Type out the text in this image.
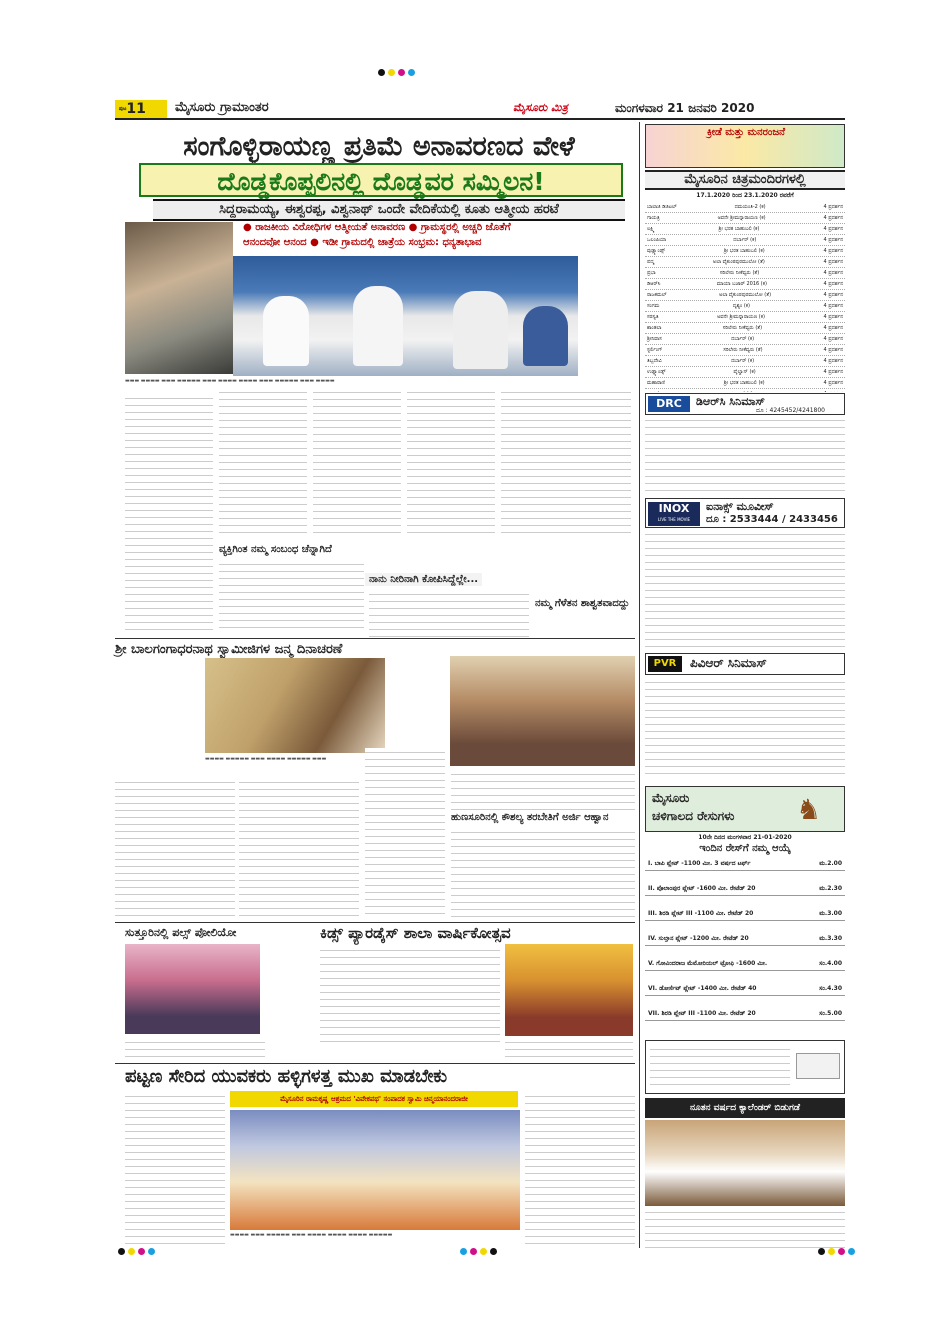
$^{ಪುಟ}$11	ಮೈಸೂರು ಗ್ರಾಮಾಂತರ	ಮೈಸೂರು ಮಿತ್ರ	ಮಂಗಳವಾರ 21 ಜನವರಿ 2020
ಸಂಗೊಳ್ಳಿರಾಯಣ್ಣ ಪ್ರತಿಮೆ ಅನಾವರಣದ ವೇಳೆ
ದೊಡ್ಡಕೊಪ್ಪಲಿನಲ್ಲಿ ದೊಡ್ಡವರ ಸಮ್ಮಿಲನ!
ಸಿದ್ದರಾಮಯ್ಯ, ಈಶ್ವರಪ್ಪ, ವಿಶ್ವನಾಥ್ ಒಂದೇ ವೇದಿಕೆಯಲ್ಲಿ ಕೂತು ಆತ್ಮೀಯ ಹರಟೆ
● ರಾಜಕೀಯ ವಿರೋಧಿಗಳ ಆತ್ಮೀಯತೆ ಅನಾವರಣ ● ಗ್ರಾಮಸ್ಥರಲ್ಲಿ ಅಚ್ಚರಿ ಜೊತೆಗೆ
ಆನಂದವೋ ಆನಂದ ● ಇಡೀ ಗ್ರಾಮದಲ್ಲಿ ಜಾತ್ರೆಯ ಸಂಭ್ರಮ: ಧನ್ಯತಾಭಾವ
▬▬▬ ▬▬▬▬ ▬▬▬ ▬▬▬▬▬ ▬▬▬ ▬▬▬▬ ▬▬▬▬ ▬▬▬ ▬▬▬▬▬ ▬▬▬ ▬▬▬▬
ವ್ಯಕ್ತಿಗಿಂತ ನಮ್ಮ ಸಂಬಂಧ ಚೆನ್ನಾಗಿದೆ
ನಾನು ನೀರಿನಾಗಿ ಕೋಪಿಸಿದ್ದೆಲ್ಲೇ...
ನಮ್ಮ ಗೆಳೆತನ ಶಾಶ್ವತವಾದದ್ದು
ಶ್ರೀ ಬಾಲಗಂಗಾಧರನಾಥ ಸ್ವಾಮೀಜಿಗಳ ಜನ್ಮ ದಿನಾಚರಣೆ
▬▬▬▬ ▬▬▬▬▬ ▬▬▬ ▬▬▬▬ ▬▬▬▬▬ ▬▬▬
ಹುಣಸೂರಿನಲ್ಲಿ ಕೌಶಲ್ಯ ತರಬೇತಿಗೆ ಅರ್ಜಿ ಆಹ್ವಾನ
ಸುತ್ತೂರಿನಲ್ಲಿ ಪಲ್ಸ್ ಪೋಲಿಯೋ	ಕಿಡ್ಸ್ ಪ್ಯಾರಡೈಸ್ ಶಾಲಾ ವಾರ್ಷಿಕೋತ್ಸವ
ಪಟ್ಟಣ ಸೇರಿದ ಯುವಕರು ಹಳ್ಳಿಗಳತ್ತ ಮುಖ ಮಾಡಬೇಕು
ಮೈಸೂರಿನ ರಾಮಕೃಷ್ಣ ಆಶ್ರಮದ 'ವಿವೇಕಪಥ' ಸಂಪಾದಕ ಸ್ವಾಮಿ ಚಿನ್ಮಯಾನಂದರಾಜೀ
▬▬▬▬ ▬▬▬ ▬▬▬▬▬ ▬▬▬ ▬▬▬▬ ▬▬▬▬ ▬▬▬▬ ▬▬▬▬▬
ಕ್ರೀಡೆ ಮತ್ತು ಮನರಂಜನೆ
ಮೈಸೂರಿನ ಚಿತ್ರಮಂದಿರಗಳಲ್ಲಿ
17.1.2020 ರಿಂದ 23.1.2020 ರವರೆಗೆ
ಬಾಲಾಜಿ ಡಿಜಿಟಲ್	ದಮಯಂತಿ-2 (ಕ)	4 ಪ್ರದರ್ಶನ
ಗಾಯತ್ರಿ	ಅವನೇ ಶ್ರೀಮನ್ನಾರಾಯಣ (ಕ)	4 ಪ್ರದರ್ಶನ
ಲಕ್ಷ್ಮಿ	ಶ್ರೀ ಭರತ ಬಾಹುಬಲಿ (ಕ)	4 ಪ್ರದರ್ಶನ
ಒಲಂಪಿಯಾ	ದರ್ಬಾರ್ (ಕ)	4 ಪ್ರದರ್ಶನ
ವುಡ್ಲ್ಯಾಂಡ್ಸ್	ಶ್ರೀ ಭರತ ಬಾಹುಬಲಿ (ಕ)	4 ಪ್ರದರ್ಶನ
ಪದ್ಮ	ಅಲಾ ವೈಕುಂಠಪುರಮುಲೋ (ತೆ)	4 ಪ್ರದರ್ಶನ
ಪ್ರಭಾ	ಸರಿಲೇರು ನೀಕೆವ್ವರು (ತೆ)	4 ಪ್ರದರ್ಶನ
ಡಿಆರ್‌ಸಿ	ಮಾಯಾ ಬಜಾರ್ 2016 (ಕ)	4 ಪ್ರದರ್ಶನ
ರಾಜಕಮಲ್	ಅಲಾ ವೈಕುಂಠಪುರಮುಲೋ (ತೆ)	4 ಪ್ರದರ್ಶನ
ಸಂಗಮ	ದೃಶ್ಯಂ (ಕ)	4 ಪ್ರದರ್ಶನ
ಸರಸ್ವತಿ	ಅವನೇ ಶ್ರೀಮನ್ನಾರಾಯಣ (ಕ)	4 ಪ್ರದರ್ಶನ
ಶಾಂತಲಾ	ಸರಿಲೇರು ನೀಕೆವ್ವರು (ತೆ)	4 ಪ್ರದರ್ಶನ
ಶ್ರೀನಿವಾಸ	ದರ್ಬಾರ್ (ಕ)	4 ಪ್ರದರ್ಶನ
ಸ್ಟರ್ಲಿಂಗ್	ಸರಿಲೇರು ನೀಕೆವ್ವರು (ತೆ)	4 ಪ್ರದರ್ಶನ
ತಿಬ್ಬದೇವಿ	ದರ್ಬಾರ್ (ಕ)	4 ಪ್ರದರ್ಶನ
ಉಡ್ಲ್ಯಾಂಡ್ಸ್	ಪೈಲ್ವಾನ್ (ಕ)	4 ಪ್ರದರ್ಶನ
ಮಹಾರಾಣಿ	ಶ್ರೀ ಭರತ ಬಾಹುಬಲಿ (ಕ)	4 ಪ್ರದರ್ಶನ
DRC	ಡಿಆರ್‌ಸಿ ಸಿನಿಮಾಸ್
ದೂ : 4245452/4241800
INOX
LIVE THE MOVIE
ಐನಾಕ್ಸ್ ಮೂವೀಸ್
ದೂ : 2533444 / 2433456
PVR	ಪಿವಿಆರ್ ಸಿನಿಮಾಸ್
ಮೈಸೂರು
ಚಳಿಗಾಲದ ರೇಸುಗಳು ♞
10ನೇ ದಿನದ ಮಂಗಳವಾರ 21-01-2020
ಇಂದಿನ ರೇಸ್‌ಗೆ ನಮ್ಮ ಆಯ್ಕೆ
I. ಬಾಪಿ ಪ್ಲೇಟ್ -1100 ಮೀ. 3 ವರ್ಷದ ಟರ್ಫ್	ಮ.2.00
II. ಪೊಲಾಂಪುರ ಪ್ಲೇಟ್ -1600 ಮೀ. ರೇಟೆಡ್ 20	ಮ.2.30
III. ಶಿರಡಿ ಪ್ಲೇಟ್ III -1100 ಮೀ. ರೇಟೆಡ್ 20	ಮ.3.00
IV. ಸುಲ್ತಾನ ಪ್ಲೇಟ್ -1200 ಮೀ. ರೇಟೆಡ್ 20	ಮ.3.30
V. ಗೋವಿಂದರಾಜ ಮೆಮೋರಿಯಲ್ ಟ್ರೋಫಿ -1600 ಮೀ.	ಸಂ.4.00
VI. ಡೋರ್ಸೆಟ್ ಪ್ಲೇಟ್ -1400 ಮೀ. ರೇಟೆಡ್ 40	ಸಂ.4.30
VII. ಶಿರಡಿ ಪ್ಲೇಟ್ III -1100 ಮೀ. ರೇಟೆಡ್ 20	ಸಂ.5.00
ನೂತನ ವರ್ಷದ ಕ್ಯಾಲೆಂಡರ್ ಬಿಡುಗಡೆ
